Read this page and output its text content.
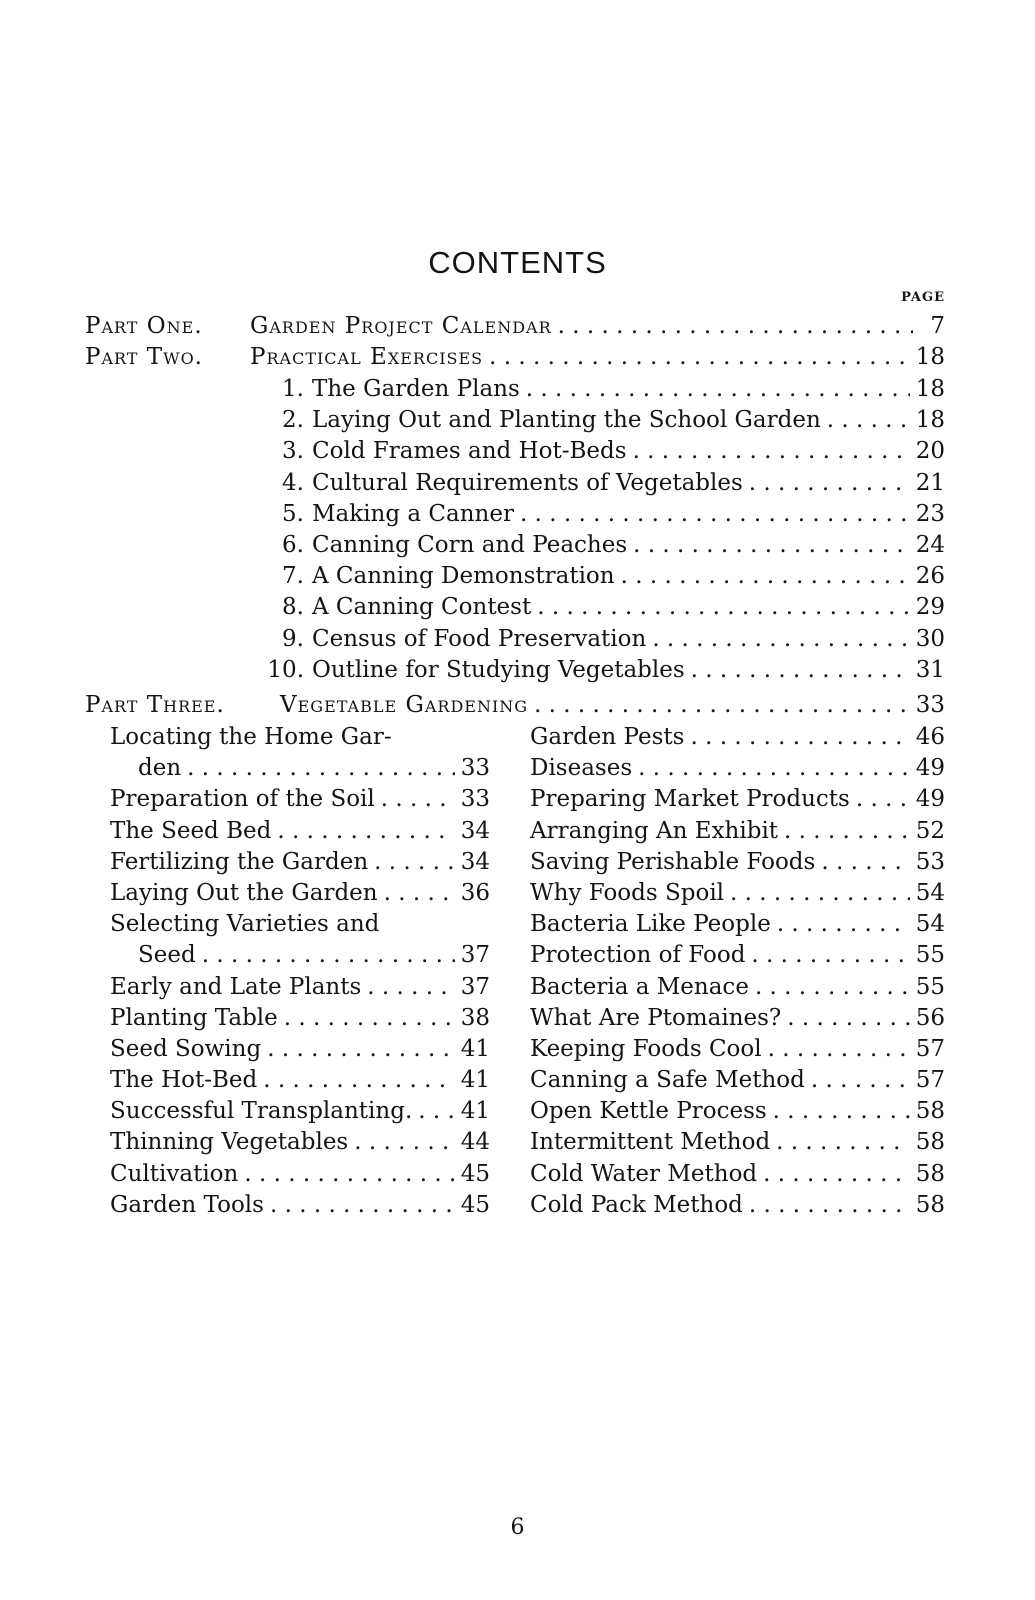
CONTENTS
PAGE
Part One.	Garden Project Calendar . . .	7
Part Two.	Practical Exercises . . .	18
1. The Garden Plans . . .	18
2. Laying Out and Planting the School Garden . . .	18
3. Cold Frames and Hot-Beds . . .	20
4. Cultural Requirements of Vegetables . . .	21
5. Making a Canner . . .	23
6. Canning Corn and Peaches . . .	24
7. A Canning Demonstration . . .	26
8. A Canning Contest . . .	29
9. Census of Food Preservation . . .	30
10. Outline for Studying Vegetables . . .	31
Part Three.	Vegetable Gardening . . .	33
Locating the Home Gar-
den . . .	33
Preparation of the Soil . . .	33
The Seed Bed . . .	34
Fertilizing the Garden . . .	34
Laying Out the Garden . . .	36
Selecting Varieties and
Seed . . .	37
Early and Late Plants . . .	37
Planting Table . . .	38
Seed Sowing . . .	41
The Hot-Bed . . .	41
Successful Transplanting. . . . 41
Thinning Vegetables . . .	44
Cultivation . . .	45
Garden Tools . . .	45
Garden Pests . . .	46
Diseases . . .	49
Preparing Market Products . . .	49
Arranging An Exhibit . . .	52
Saving Perishable Foods . . .	53
Why Foods Spoil . . .	54
Bacteria Like People . . .	54
Protection of Food . . .	55
Bacteria a Menace . . .	55
What Are Ptomaines? . . .	56
Keeping Foods Cool . . .	57
Canning a Safe Method . . .	57
Open Kettle Process . . .	58
Intermittent Method . . .	58
Cold Water Method . . .	58
Cold Pack Method . . .	58
6
